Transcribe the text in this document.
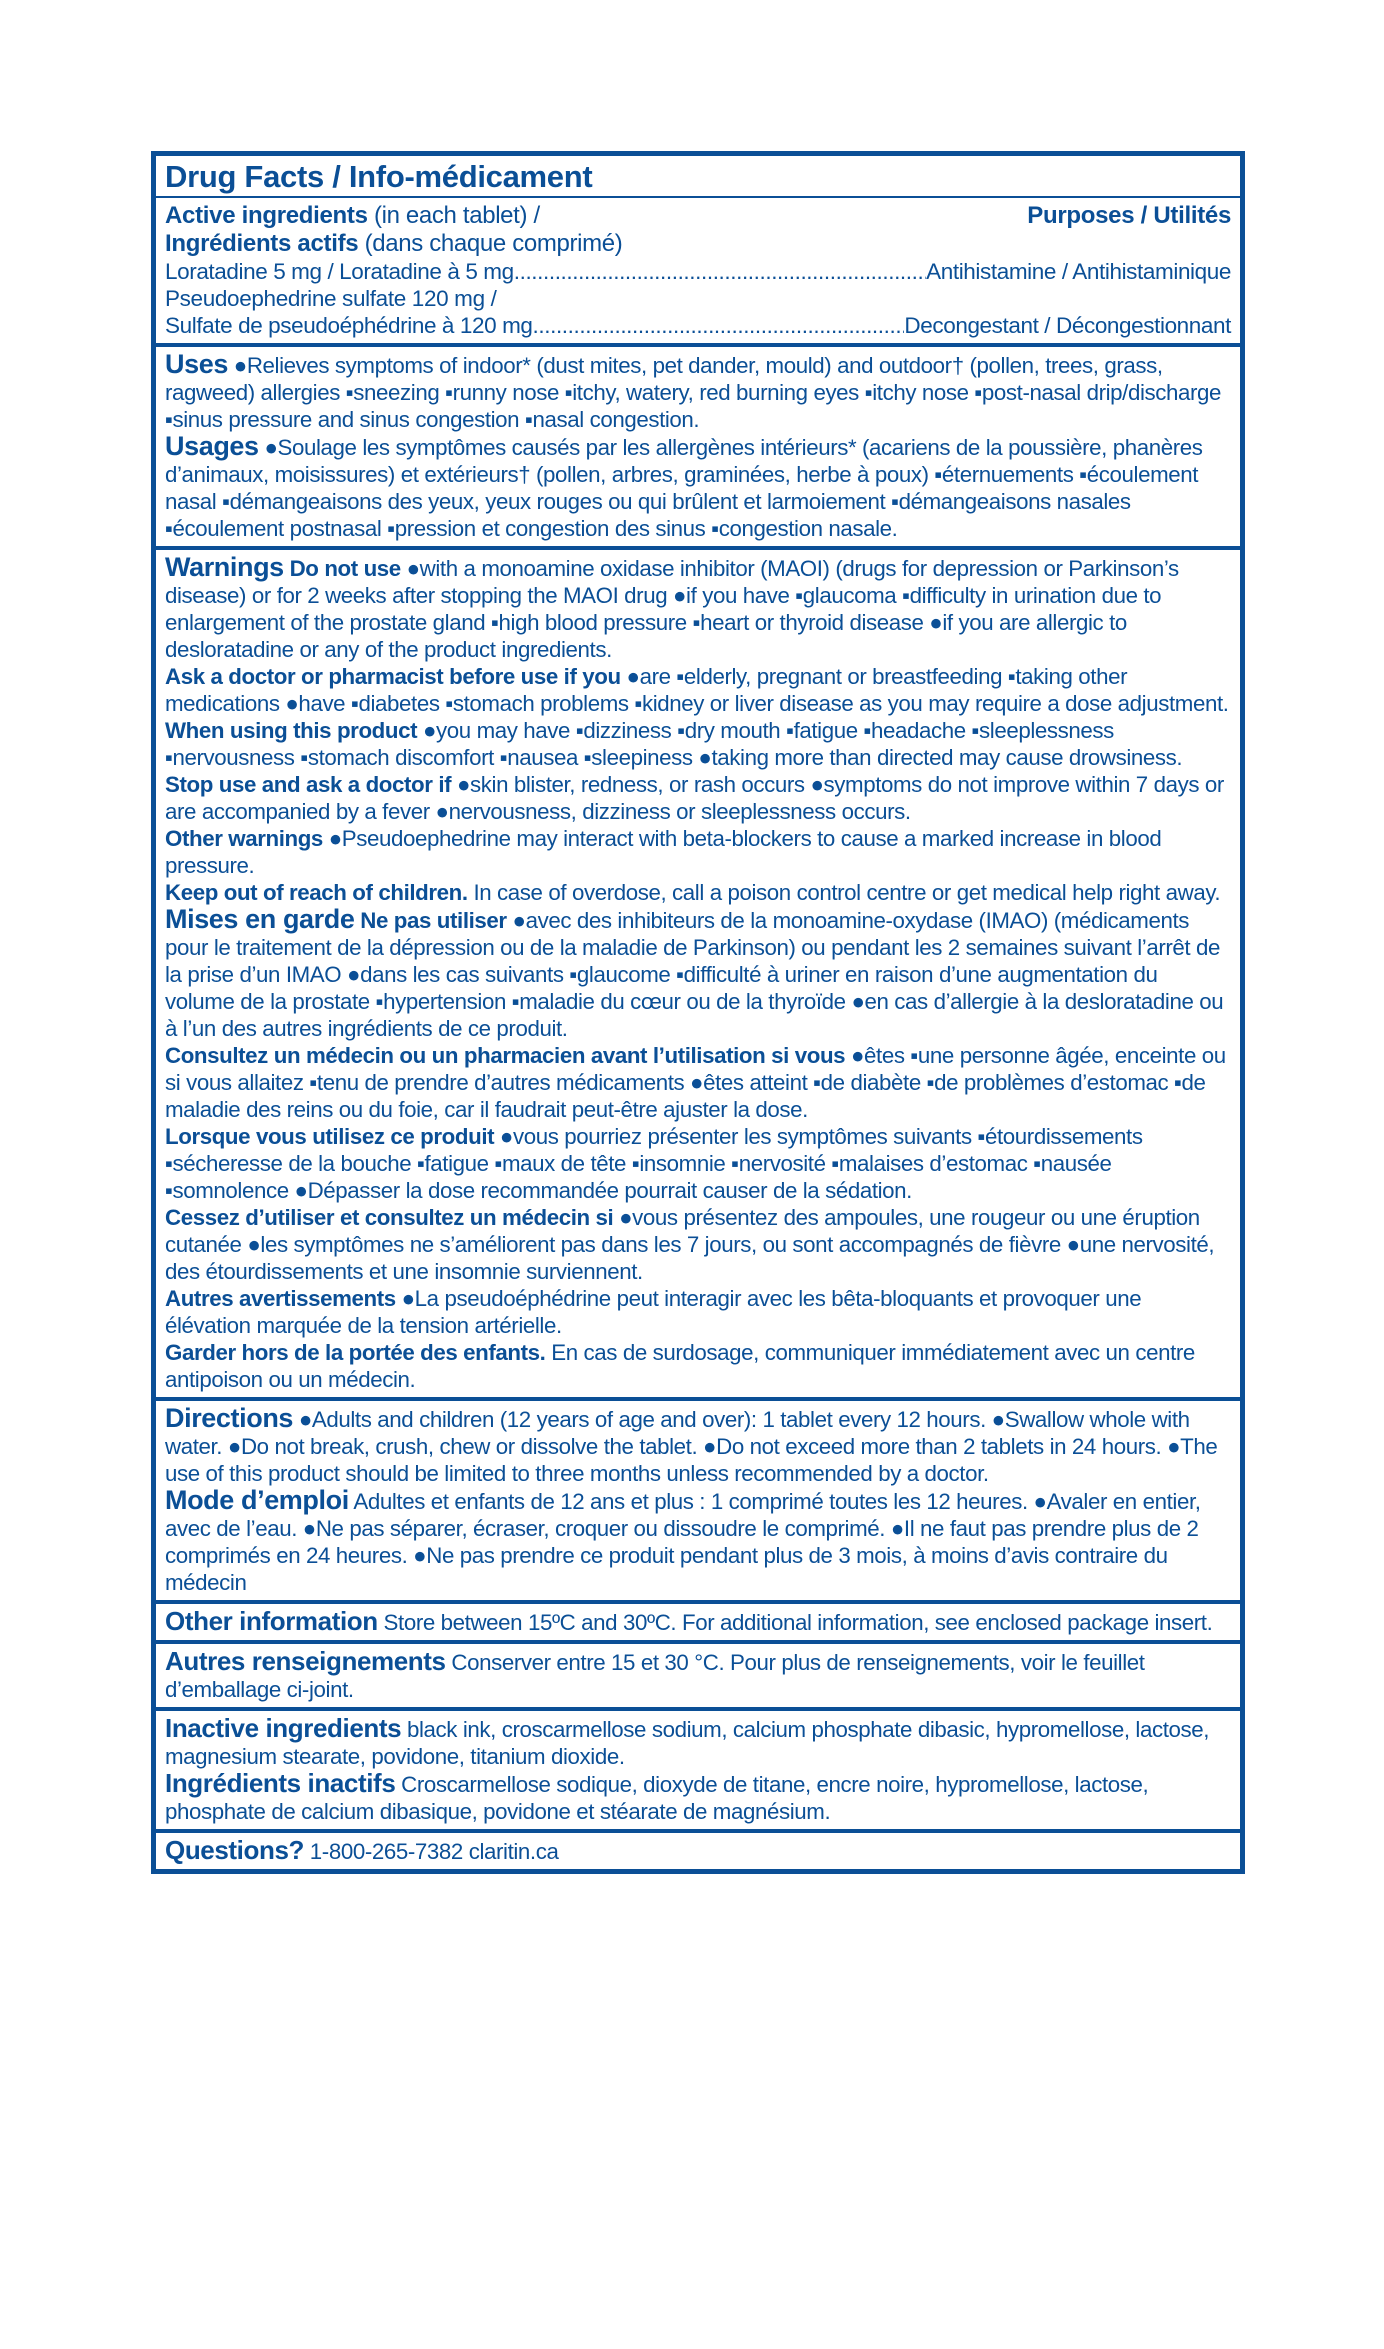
Drug Facts / Info-médicament
Active ingredients (in each tablet) /	Purposes / Utilités
Ingrédients actifs (dans chaque comprimé)
Loratadine 5 mg / Loratadine à 5 mg .....	Antihistamine / Antihistaminique
Pseudoephedrine sulfate 120 mg /
Sulfate de pseudoéphédrine à 120 mg .....	Decongestant / Décongestionnant

Uses ●Relieves symptoms of indoor* (dust mites, pet dander, mould) and outdoor† (pollen, trees, grass, ragweed) allergies ▪sneezing ▪runny nose ▪itchy, watery, red burning eyes ▪itchy nose ▪post-nasal drip/discharge ▪sinus pressure and sinus congestion ▪nasal congestion.

Usages ●Soulage les symptômes causés par les allergènes intérieurs* (acariens de la poussière, phanères d’animaux, moisissures) et extérieurs† (pollen, arbres, graminées, herbe à poux) ▪éternuements ▪écoulement nasal ▪démangeaisons des yeux, yeux rouges ou qui brûlent et larmoiement ▪démangeaisons nasales ▪écoulement postnasal ▪pression et congestion des sinus ▪congestion nasale.

Warnings Do not use ●with a monoamine oxidase inhibitor (MAOI) (drugs for depression or Parkinson’s disease) or for 2 weeks after stopping the MAOI drug ●if you have ▪glaucoma ▪difficulty in urination due to enlargement of the prostate gland ▪high blood pressure ▪heart or thyroid disease ●if you are allergic to desloratadine or any of the product ingredients.

Ask a doctor or pharmacist before use if you ●are ▪elderly, pregnant or breastfeeding ▪taking other medications ●have ▪diabetes ▪stomach problems ▪kidney or liver disease as you may require a dose adjustment.

When using this product ●you may have ▪dizziness ▪dry mouth ▪fatigue ▪headache ▪sleeplessness ▪nervousness ▪stomach discomfort ▪nausea ▪sleepiness ●taking more than directed may cause drowsiness.

Stop use and ask a doctor if ●skin blister, redness, or rash occurs ●symptoms do not improve within 7 days or are accompanied by a fever ●nervousness, dizziness or sleeplessness occurs.

Other warnings ●Pseudoephedrine may interact with beta-blockers to cause a marked increase in blood pressure.

Keep out of reach of children. In case of overdose, call a poison control centre or get medical help right away.

Mises en garde Ne pas utiliser ●avec des inhibiteurs de la monoamine-oxydase (IMAO) (médicaments pour le traitement de la dépression ou de la maladie de Parkinson) ou pendant les 2 semaines suivant l’arrêt de la prise d’un IMAO ●dans les cas suivants ▪glaucome ▪difficulté à uriner en raison d’une augmentation du volume de la prostate ▪hypertension ▪maladie du cœur ou de la thyroïde ●en cas d’allergie à la desloratadine ou à l’un des autres ingrédients de ce produit.

Consultez un médecin ou un pharmacien avant l’utilisation si vous ●êtes ▪une personne âgée, enceinte ou si vous allaitez ▪tenu de prendre d’autres médicaments ●êtes atteint ▪de diabète ▪de problèmes d’estomac ▪de maladie des reins ou du foie, car il faudrait peut-être ajuster la dose.

Lorsque vous utilisez ce produit ●vous pourriez présenter les symptômes suivants ▪étourdissements ▪sécheresse de la bouche ▪fatigue ▪maux de tête ▪insomnie ▪nervosité ▪malaises d’estomac ▪nausée ▪somnolence ●Dépasser la dose recommandée pourrait causer de la sédation.

Cessez d’utiliser et consultez un médecin si ●vous présentez des ampoules, une rougeur ou une éruption cutanée ●les symptômes ne s’améliorent pas dans les 7 jours, ou sont accompagnés de fièvre ●une nervosité, des étourdissements et une insomnie surviennent.

Autres avertissements ●La pseudoéphédrine peut interagir avec les bêta-bloquants et provoquer une élévation marquée de la tension artérielle.

Garder hors de la portée des enfants. En cas de surdosage, communiquer immédiatement avec un centre antipoison ou un médecin.

Directions ●Adults and children (12 years of age and over): 1 tablet every 12 hours. ●Swallow whole with water. ●Do not break, crush, chew or dissolve the tablet. ●Do not exceed more than 2 tablets in 24 hours. ●The use of this product should be limited to three months unless recommended by a doctor.

Mode d’emploi Adultes et enfants de 12 ans et plus : 1 comprimé toutes les 12 heures. ●Avaler en entier, avec de l’eau. ●Ne pas séparer, écraser, croquer ou dissoudre le comprimé. ●Il ne faut pas prendre plus de 2 comprimés en 24 heures. ●Ne pas prendre ce produit pendant plus de 3 mois, à moins d’avis contraire du médecin

Other information Store between 15ºC and 30ºC. For additional information, see enclosed package insert.

Autres renseignements Conserver entre 15 et 30 °C. Pour plus de renseignements, voir le feuillet d’emballage ci-joint.

Inactive ingredients black ink, croscarmellose sodium, calcium phosphate dibasic, hypromellose, lactose, magnesium stearate, povidone, titanium dioxide.

Ingrédients inactifs Croscarmellose sodique, dioxyde de titane, encre noire, hypromellose, lactose, phosphate de calcium dibasique, povidone et stéarate de magnésium.

Questions? 1-800-265-7382 claritin.ca
